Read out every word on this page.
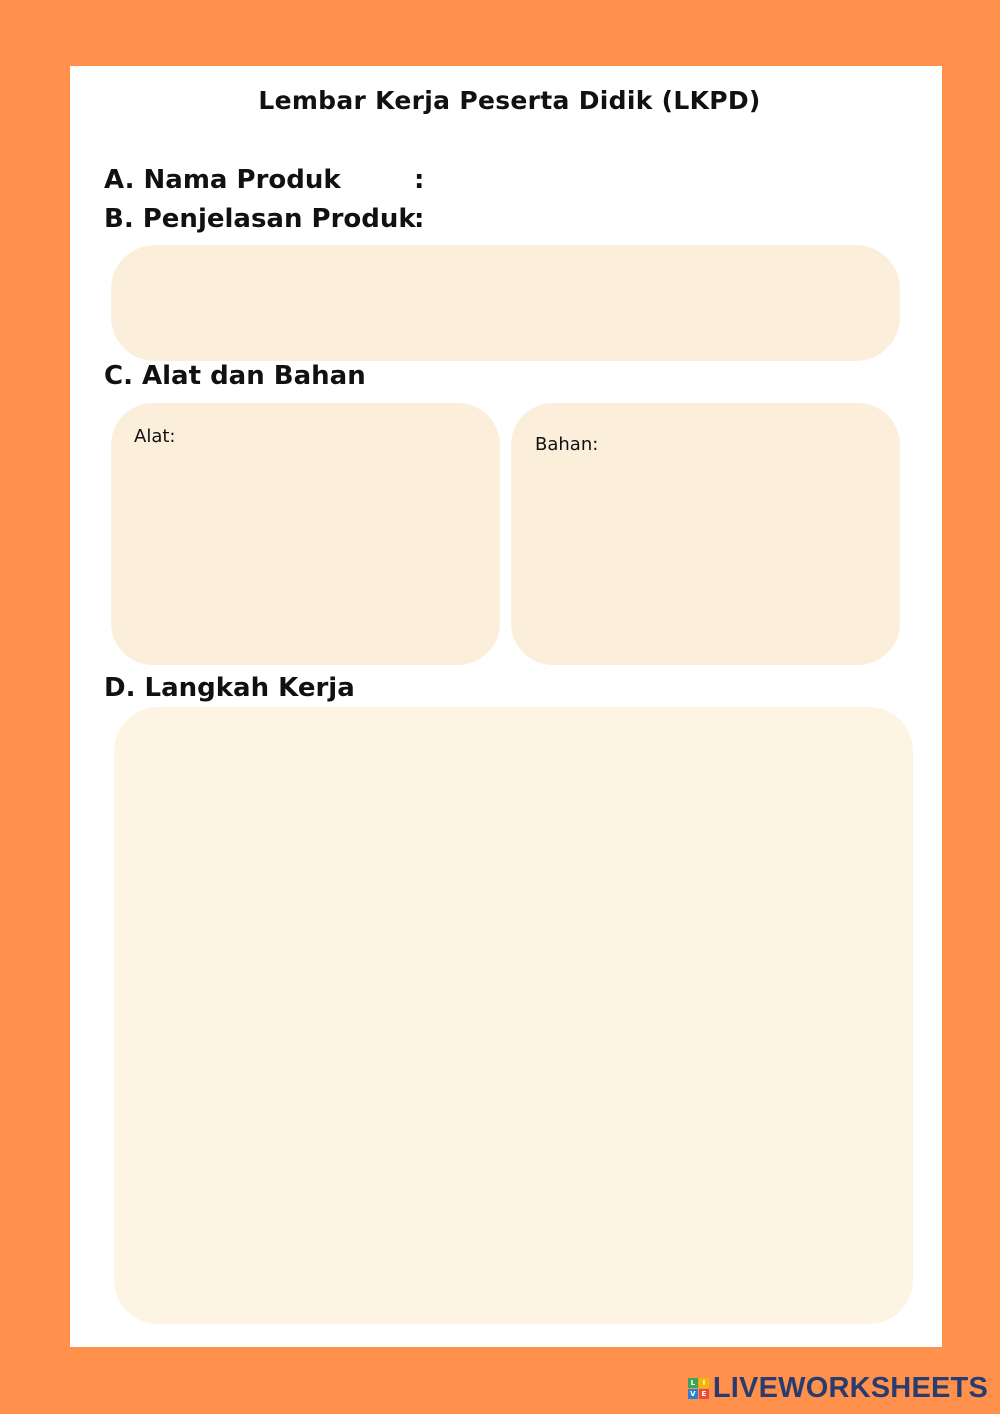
Lembar Kerja Peserta Didik (LKPD)
A. Nama Produk	:
B. Penjelasan Produk
:
C. Alat dan Bahan
Alat:	Bahan:
D. Langkah Kerja
L	I
V E LIVEWORKSHEETS
